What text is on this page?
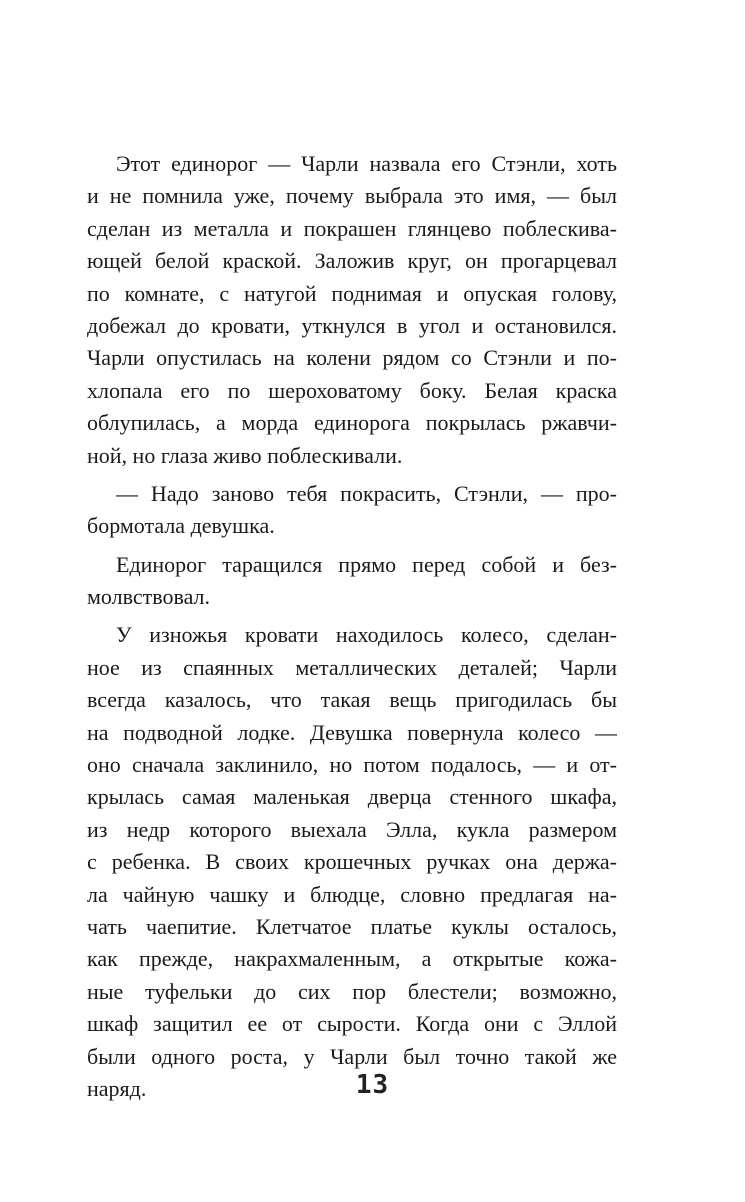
Этот единорог — Чарли назвала его Стэнли, хоть
и не помнила уже, почему выбрала это имя, — был
сделан из металла и покрашен глянцево поблескива-
ющей белой краской. Заложив круг, он прогарцевал
по комнате, с натугой поднимая и опуская голову,
добежал до кровати, уткнулся в угол и остановился.
Чарли опустилась на колени рядом со Стэнли и по-
хлопала его по шероховатому боку. Белая краска
облупилась, а морда единорога покрылась ржавчи-
ной, но глаза живо поблескивали.
— Надо заново тебя покрасить, Стэнли, — про-
бормотала девушка.
Единорог таращился прямо перед собой и без-
молвствовал.
У изножья кровати находилось колесо, сделан-
ное из спаянных металлических деталей; Чарли
всегда казалось, что такая вещь пригодилась бы
на подводной лодке. Девушка повернула колесо —
оно сначала заклинило, но потом подалось, — и от-
крылась самая маленькая дверца стенного шкафа,
из недр которого выехала Элла, кукла размером
с ребенка. В своих крошечных ручках она держа-
ла чайную чашку и блюдце, словно предлагая на-
чать чаепитие. Клетчатое платье куклы осталось,
как прежде, накрахмаленным, а открытые кожа-
ные туфельки до сих пор блестели; возможно,
шкаф защитил ее от сырости. Когда они с Эллой
были одного роста, у Чарли был точно такой же
наряд.	13
